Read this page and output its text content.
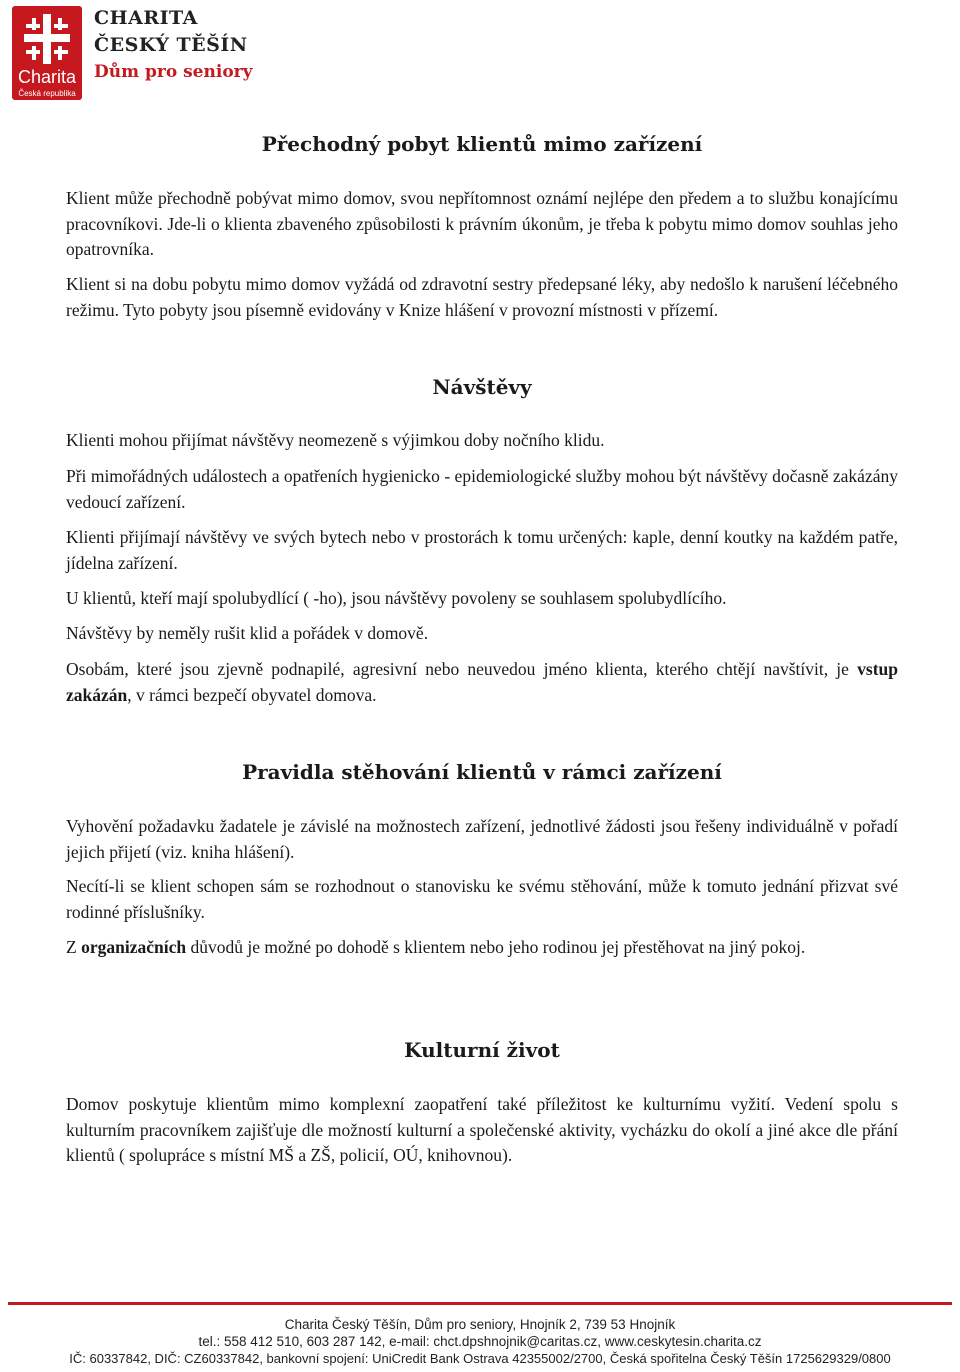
Charita
Česká republika
CHARITA
ČESKÝ TĚŠÍN
Dům pro seniory
Přechodný pobyt klientů mimo zařízení

Klient může přechodně pobývat mimo domov, svou nepřítomnost oznámí nejlépe den předem a to službu konajícímu pracovníkovi. Jde-li o klienta zbaveného způsobilosti k právním úkonům, je třeba k pobytu mimo domov souhlas jeho opatrovníka.

Klient si na dobu pobytu mimo domov vyžádá od zdravotní sestry předepsané léky, aby nedošlo k narušení léčebného režimu. Tyto pobyty jsou písemně evidovány v Knize hlášení v provozní místnosti v přízemí.

Návštěvy

Klienti mohou přijímat návštěvy neomezeně s výjimkou doby nočního klidu.

Při mimořádných událostech a opatřeních hygienicko - epidemiologické služby mohou být návštěvy dočasně zakázány vedoucí zařízení.

Klienti přijímají návštěvy ve svých bytech nebo v prostorách k tomu určených: kaple, denní koutky na každém patře, jídelna zařízení.

U klientů, kteří mají spolubydlící ( -ho), jsou návštěvy povoleny se souhlasem spolubydlícího.

Návštěvy by neměly rušit klid a pořádek v domově.

Osobám, které jsou zjevně podnapilé, agresivní nebo neuvedou jméno klienta, kterého chtějí navštívit, je vstup zakázán, v rámci bezpečí obyvatel domova.

Pravidla stěhování klientů v rámci zařízení

Vyhovění požadavku žadatele je závislé na možnostech zařízení, jednotlivé žádosti jsou řešeny individuálně v pořadí jejich přijetí (viz. kniha hlášení).

Necítí-li se klient schopen sám se rozhodnout o stanovisku ke svému stěhování, může k tomuto jednání přizvat své rodinné příslušníky.

Z organizačních důvodů je možné po dohodě s klientem nebo jeho rodinou jej přestěhovat na jiný pokoj.

Kulturní život

Domov poskytuje klientům mimo komplexní zaopatření také příležitost ke kulturnímu vyžití. Vedení spolu s kulturním pracovníkem zajišťuje dle možností kulturní a společenské aktivity, vycházku do okolí a jiné akce dle přání klientů ( spolupráce s místní MŠ a ZŠ, policií, OÚ, knihovnou).

Charita Český Těšín, Dům pro seniory, Hnojník 2, 739 53 Hnojník
tel.: 558 412 510, 603 287 142, e-mail: chct.dpshnojnik@caritas.cz, www.ceskytesin.charita.cz
IČ: 60337842, DIČ: CZ60337842, bankovní spojení: UniCredit Bank Ostrava 42355002/2700, Česká spořitelna Český Těšín 1725629329/0800
